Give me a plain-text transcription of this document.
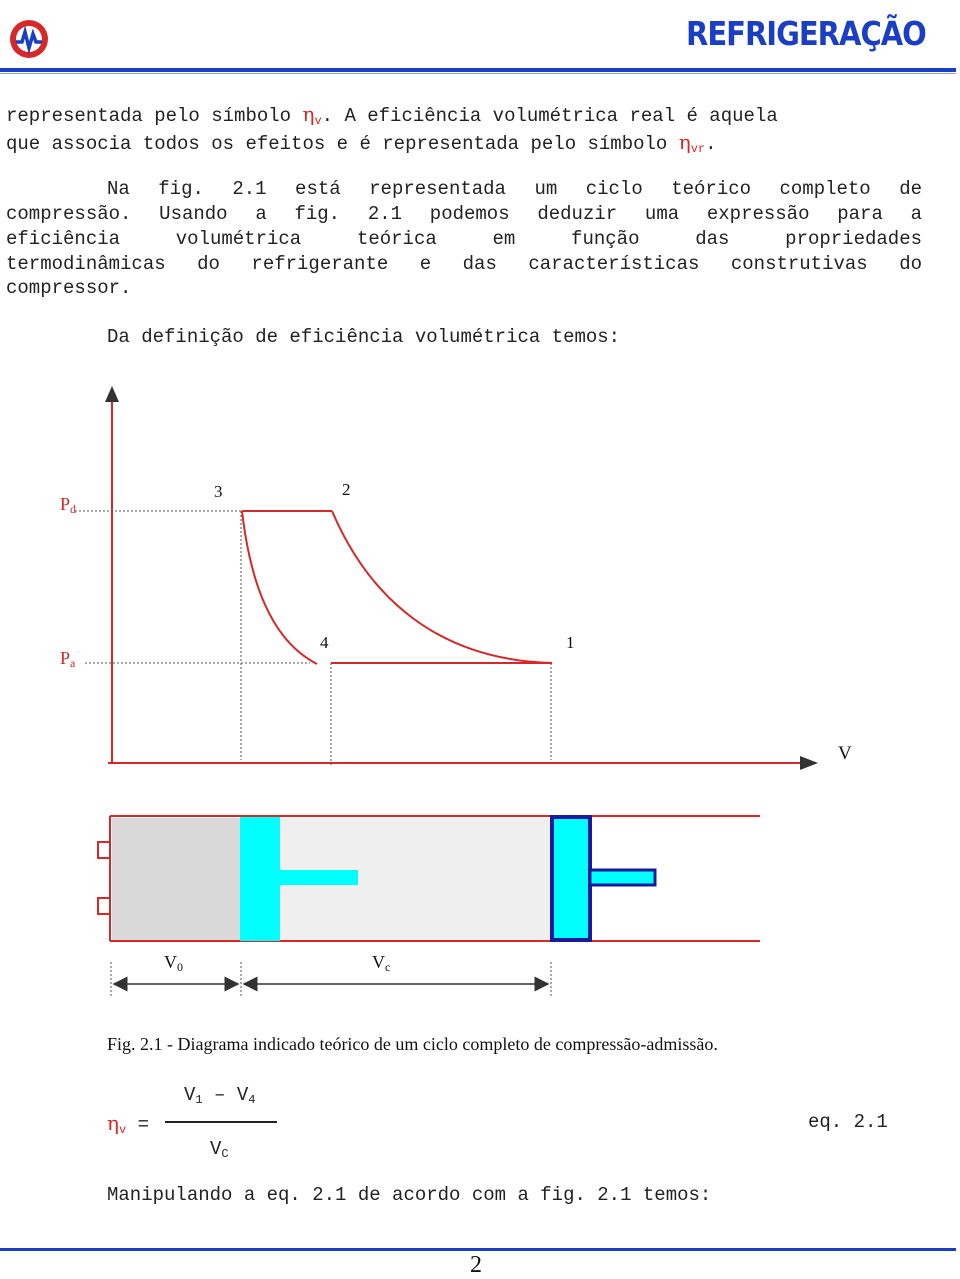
REFRIGERAÇÃO
representada pelo símbolo $\eta_v$. A eficiência volumétrica real é aquela
que associa todos os efeitos e é representada pelo símbolo $\eta_{vr}$.
Na fig. 2.1 está representada um ciclo teórico completo de
compressão. Usando a fig. 2.1 podemos deduzir uma expressão para a
eficiência volumétrica teórica em função das propriedades
termodinâmicas do refrigerante e das características construtivas do
compressor.
Da definição de eficiência volumétrica temos:
$P_d$
$P_a$
3	2
4	1
V
$V_0$	$V_c$
Fig. 2.1 - Diagrama indicado teórico de um ciclo completo de compressão-admissão.
$V_1 - V_4$
$\eta_v$ =
$V_C$
eq. 2.1
Manipulando a eq. 2.1 de acordo com a fig. 2.1 temos:
2
